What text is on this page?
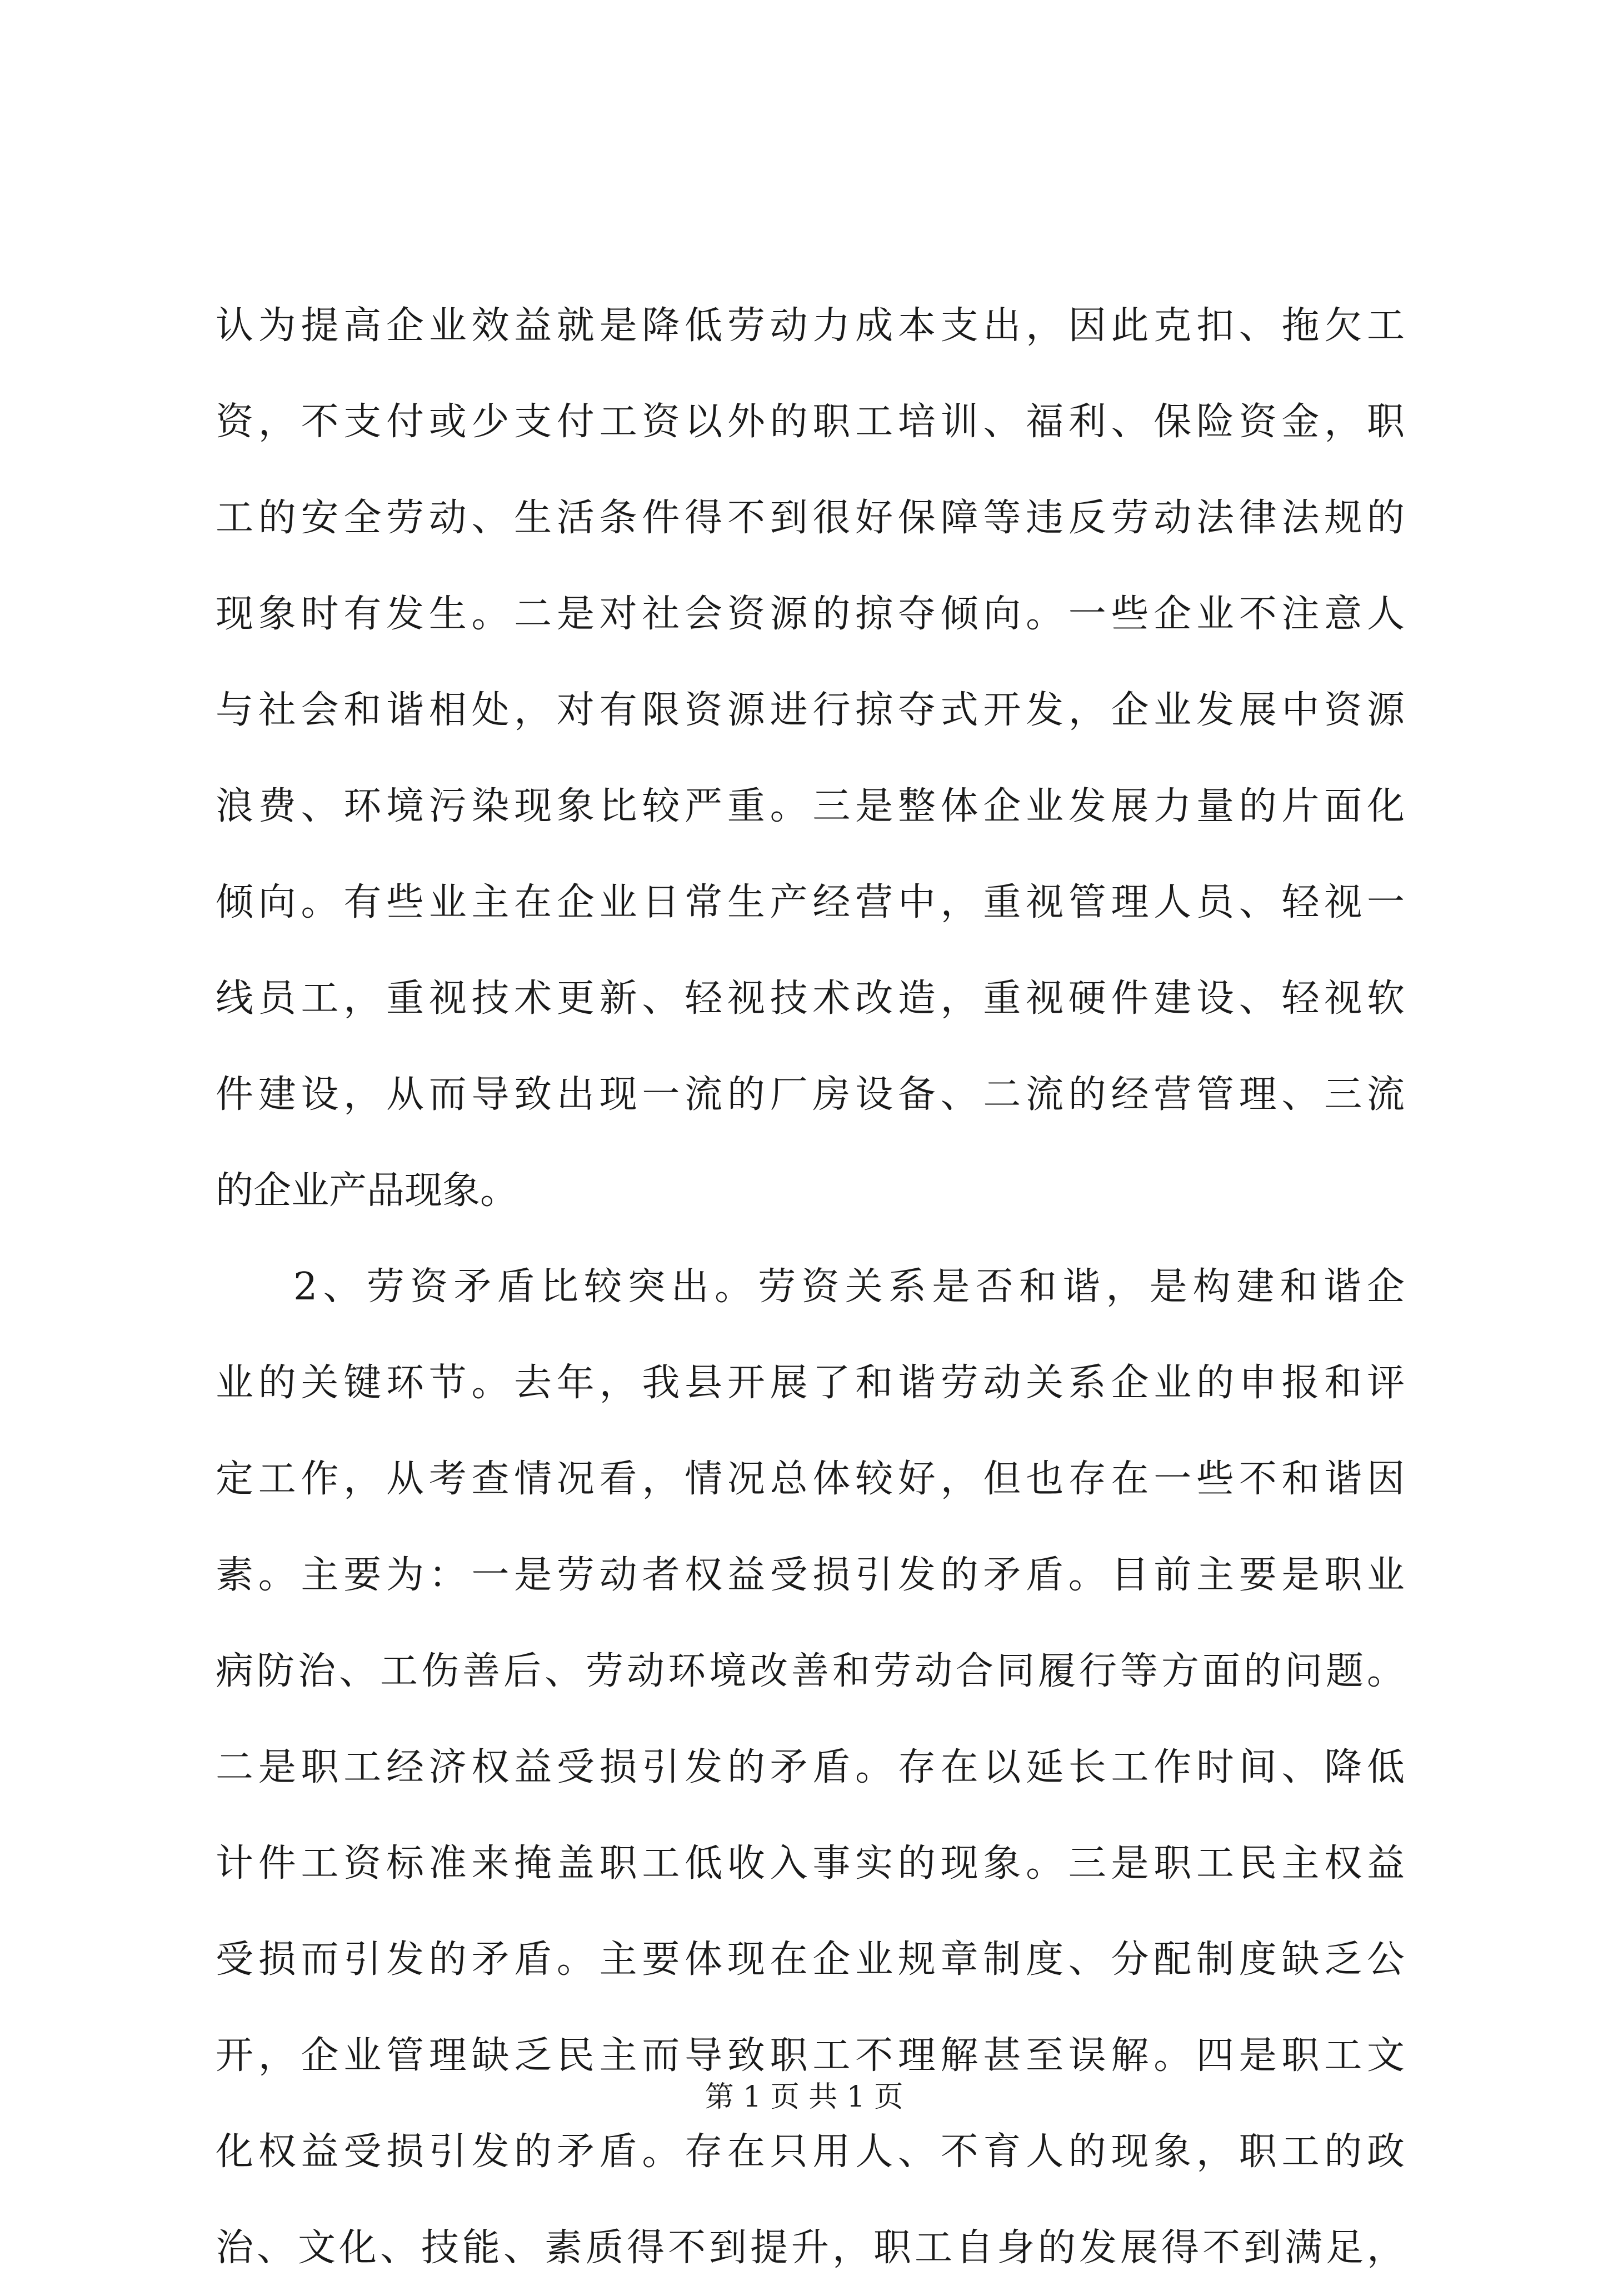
认为提高企业效益就是降低劳动力成本支出，因此克扣、拖欠工
资，不支付或少支付工资以外的职工培训、福利、保险资金，职
工的安全劳动、生活条件得不到很好保障等违反劳动法律法规的
现象时有发生。二是对社会资源的掠夺倾向。一些企业不注意人
与社会和谐相处，对有限资源进行掠夺式开发，企业发展中资源
浪费、环境污染现象比较严重。三是整体企业发展力量的片面化
倾向。有些业主在企业日常生产经营中，重视管理人员、轻视一
线员工，重视技术更新、轻视技术改造，重视硬件建设、轻视软
件建设，从而导致出现一流的厂房设备、二流的经营管理、三流
的企业产品现象。
2、劳资矛盾比较突出。劳资关系是否和谐，是构建和谐企
业的关键环节。去年，我县开展了和谐劳动关系企业的申报和评
定工作，从考查情况看，情况总体较好，但也存在一些不和谐因
素。主要为：一是劳动者权益受损引发的矛盾。目前主要是职业
病防治、工伤善后、劳动环境改善和劳动合同履行等方面的问题。
二是职工经济权益受损引发的矛盾。存在以延长工作时间、降低
计件工资标准来掩盖职工低收入事实的现象。三是职工民主权益
受损而引发的矛盾。主要体现在企业规章制度、分配制度缺乏公
开，企业管理缺乏民主而导致职工不理解甚至误解。四是职工文
化权益受损引发的矛盾。存在只用人、不育人的现象，职工的政
治、文化、技能、素质得不到提升，职工自身的发展得不到满足，
第 1 页 共 1 页
